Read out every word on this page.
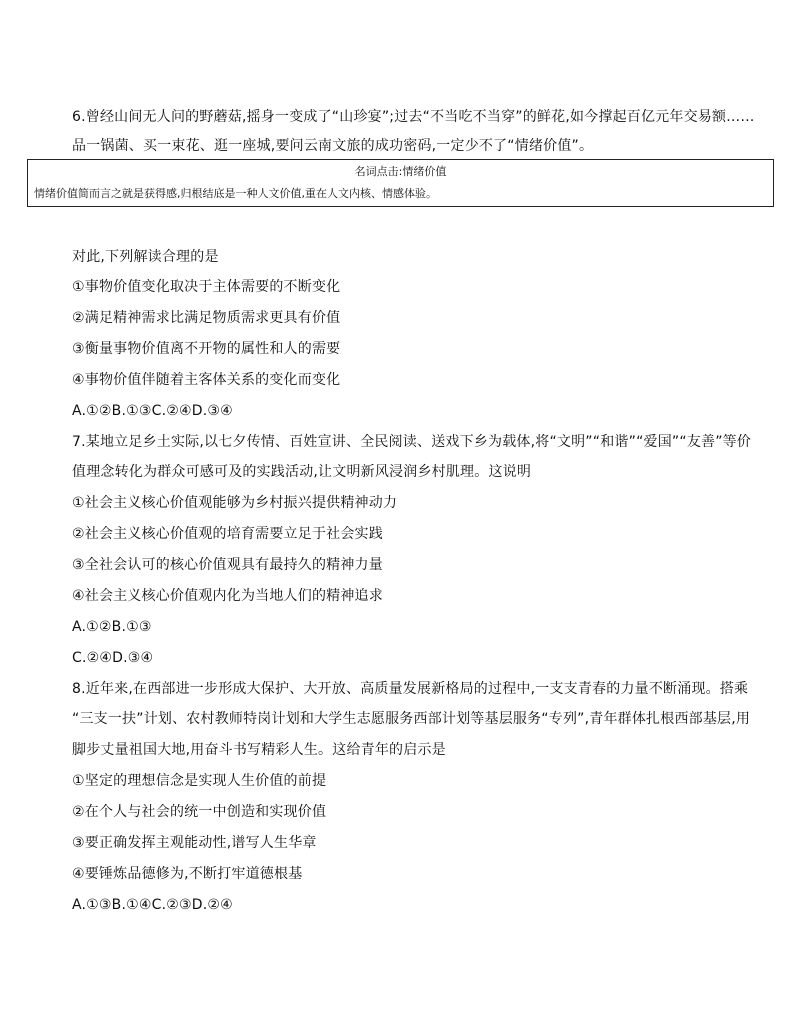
6.曾经山间无人问的野蘑菇,摇身一变成了“山珍宴”;过去“不当吃不当穿”的鲜花,如今撑起百亿元年交易额……
品一锅菌、买一束花、逛一座城,要问云南文旅的成功密码,一定少不了“情绪价值”。
名词点击:情绪价值
情绪价值简而言之就是获得感,归根结底是一种人文价值,重在人文内核、情感体验。
对此,下列解读合理的是
①事物价值变化取决于主体需要的不断变化
②满足精神需求比满足物质需求更具有价值
③衡量事物价值离不开物的属性和人的需要
④事物价值伴随着主客体关系的变化而变化
A.①②B.①③C.②④D.③④
7.某地立足乡土实际,以七夕传情、百姓宣讲、全民阅读、送戏下乡为载体,将“文明”“和谐”“爱国”“友善”等价
值理念转化为群众可感可及的实践活动,让文明新风浸润乡村肌理。这说明
①社会主义核心价值观能够为乡村振兴提供精神动力
②社会主义核心价值观的培育需要立足于社会实践
③全社会认可的核心价值观具有最持久的精神力量
④社会主义核心价值观内化为当地人们的精神追求
A.①②B.①③
C.②④D.③④
8.近年来,在西部进一步形成大保护、大开放、高质量发展新格局的过程中,一支支青春的力量不断涌现。搭乘
“三支一扶”计划、农村教师特岗计划和大学生志愿服务西部计划等基层服务“专列”,青年群体扎根西部基层,用
脚步丈量祖国大地,用奋斗书写精彩人生。这给青年的启示是
①坚定的理想信念是实现人生价值的前提
②在个人与社会的统一中创造和实现价值
③要正确发挥主观能动性,谱写人生华章
④要锤炼品德修为,不断打牢道德根基
A.①③B.①④C.②③D.②④
